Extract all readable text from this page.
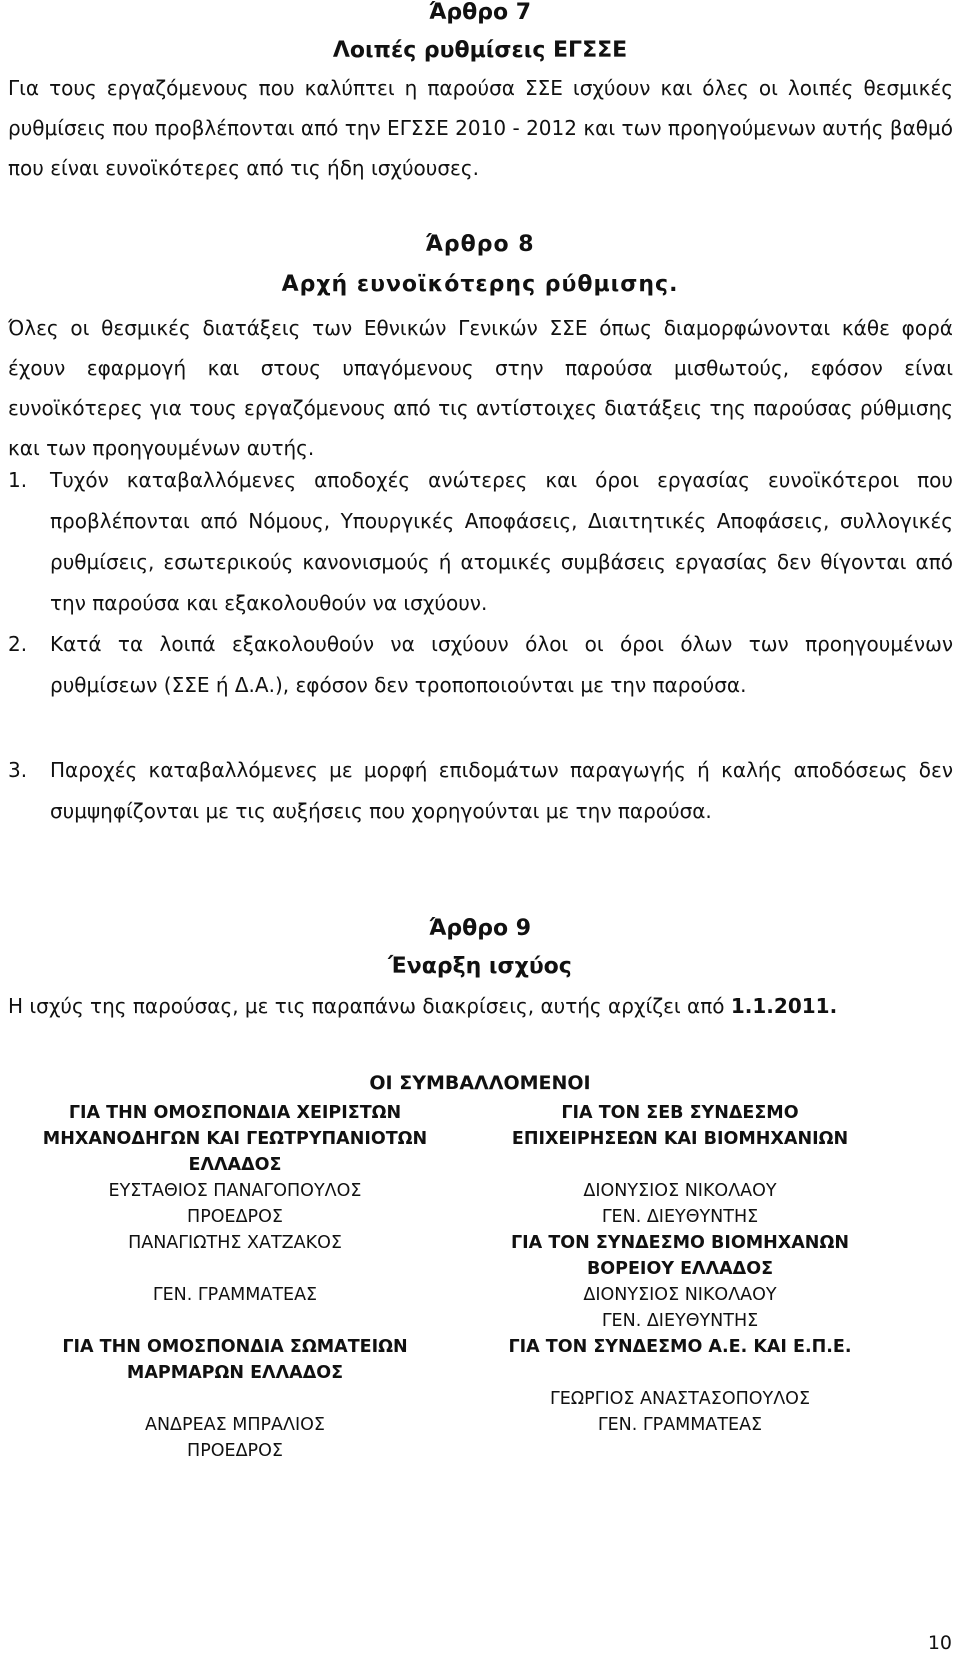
Άρθρο 7
Λοιπές ρυθμίσεις ΕΓΣΣΕ
Για τους εργαζόμενους που καλύπτει η παρούσα ΣΣΕ ισχύουν και όλες οι λοιπές θεσμικές ρυθμίσεις που προβλέπονται από την ΕΓΣΣΕ 2010 - 2012 και των προηγούμενων αυτής βαθμό που είναι ευνοϊκότερες από τις ήδη ισχύουσες.
Άρθρο 8
Αρχή ευνοϊκότερης ρύθμισης.
Όλες οι θεσμικές διατάξεις των Εθνικών Γενικών ΣΣΕ όπως διαμορφώνονται κάθε φορά έχουν εφαρμογή και στους υπαγόμενους στην παρούσα μισθωτούς, εφόσον είναι ευνοϊκότερες για τους εργαζόμενους από τις αντίστοιχες διατάξεις της παρούσας ρύθμισης και των προηγουμένων αυτής.
1. Τυχόν καταβαλλόμενες αποδοχές ανώτερες και όροι εργασίας ευνοϊκότεροι που προβλέπονται από Νόμους, Υπουργικές Αποφάσεις, Διαιτητικές Αποφάσεις, συλλογικές ρυθμίσεις, εσωτερικούς κανονισμούς ή ατομικές συμβάσεις εργασίας δεν θίγονται από την παρούσα και εξακολουθούν να ισχύουν.
2. Κατά τα λοιπά εξακολουθούν να ισχύουν όλοι οι όροι όλων των προηγουμένων ρυθμίσεων (ΣΣΕ ή Δ.Α.), εφόσον δεν τροποποιούνται με την παρούσα.
3. Παροχές καταβαλλόμενες με μορφή επιδομάτων παραγωγής ή καλής αποδόσεως δεν συμψηφίζονται με τις αυξήσεις που χορηγούνται με την παρούσα.
Άρθρο 9
Έναρξη ισχύος
Η ισχύς της παρούσας, με τις παραπάνω διακρίσεις, αυτής αρχίζει από 1.1.2011.
ΟΙ ΣΥΜΒΑΛΛΟΜΕΝΟΙ
ΓΙΑ ΤΗΝ ΟΜΟΣΠΟΝΔΙΑ ΧΕΙΡΙΣΤΩΝ
ΜΗΧΑΝΟΔΗΓΩΝ ΚΑΙ ΓΕΩΤΡΥΠΑΝΙΟΤΩΝ
ΕΛΛΑΔΟΣ
ΕΥΣΤΑΘΙΟΣ ΠΑΝΑΓΟΠΟΥΛΟΣ
ΠΡΟΕΔΡΟΣ
ΠΑΝΑΓΙΩΤΗΣ ΧΑΤΖΑΚΟΣ
ΓΕΝ. ΓΡΑΜΜΑΤΕΑΣ
ΓΙΑ ΤΗΝ ΟΜΟΣΠΟΝΔΙΑ ΣΩΜΑΤΕΙΩΝ
ΜΑΡΜΑΡΩΝ ΕΛΛΑΔΟΣ
ΑΝΔΡΕΑΣ ΜΠΡΑΛΙΟΣ
ΠΡΟΕΔΡΟΣ
ΓΙΑ ΤΟΝ ΣΕΒ ΣΥΝΔΕΣΜΟ
ΕΠΙΧΕΙΡΗΣΕΩΝ ΚΑΙ ΒΙΟΜΗΧΑΝΙΩΝ
ΔΙΟΝΥΣΙΟΣ ΝΙΚΟΛΑΟΥ
ΓΕΝ. ΔΙΕΥΘΥΝΤΗΣ
ΓΙΑ ΤΟΝ ΣΥΝΔΕΣΜΟ ΒΙΟΜΗΧΑΝΩΝ
ΒΟΡΕΙΟΥ ΕΛΛΑΔΟΣ
ΔΙΟΝΥΣΙΟΣ ΝΙΚΟΛΑΟΥ
ΓΕΝ. ΔΙΕΥΘΥΝΤΗΣ
ΓΙΑ ΤΟΝ ΣΥΝΔΕΣΜΟ Α.Ε. ΚΑΙ Ε.Π.Ε.
ΓΕΩΡΓΙΟΣ ΑΝΑΣΤΑΣΟΠΟΥΛΟΣ
ΓΕΝ. ΓΡΑΜΜΑΤΕΑΣ
10
